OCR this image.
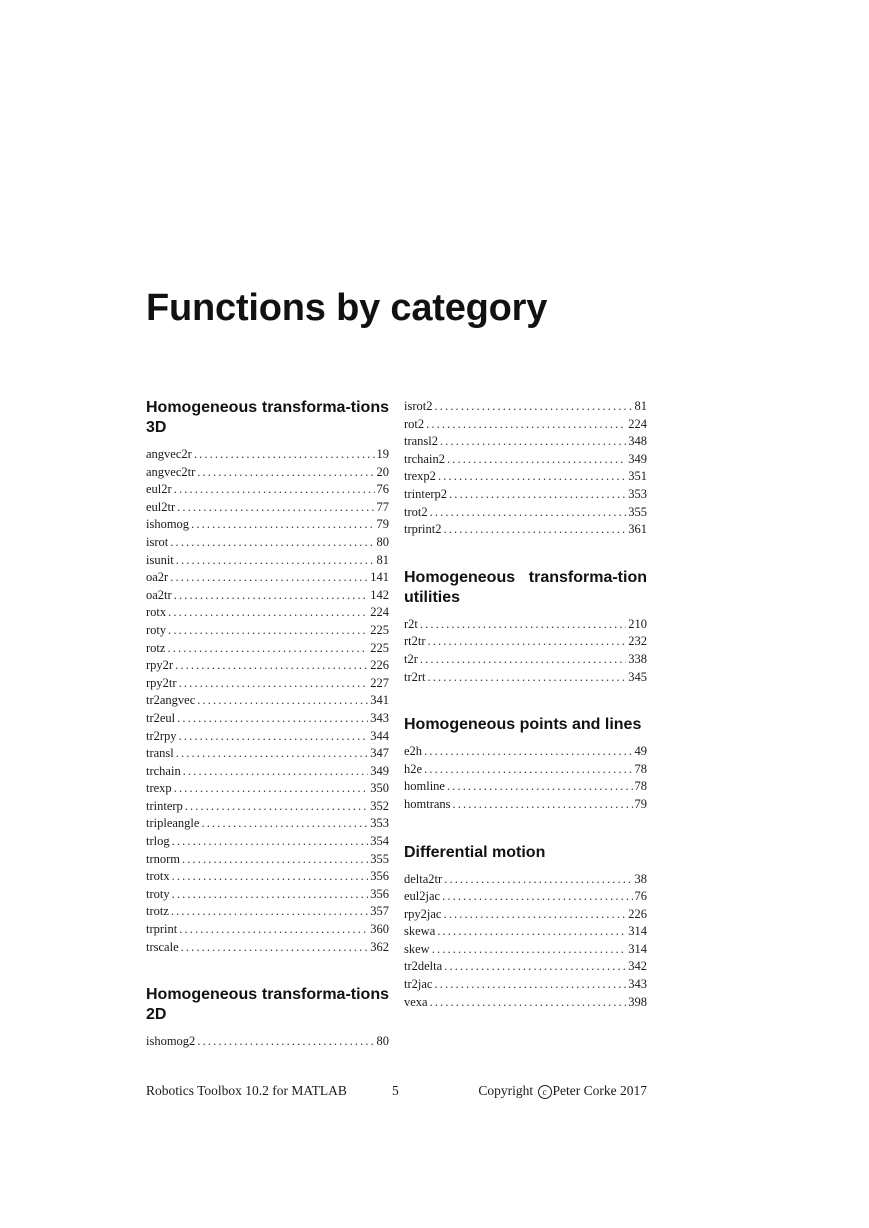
Functions by category
Homogeneous transforma-tions 3D
angvec2r . . .	19
angvec2tr . . .	20
eul2r . . .	76
eul2tr . . .	77
ishomog . . .	79
isrot . . .	80
isunit . . .	81
oa2r . . .	141
oa2tr . . .	142
rotx . . .	224
roty . . .	225
rotz . . .	225
rpy2r . . .	226
rpy2tr . . .	227
tr2angvec . . .	341
tr2eul . . .	343
tr2rpy . . .	344
transl . . .	347
trchain . . .	349
trexp . . .	350
trinterp . . .	352
tripleangle . . .	353
trlog . . .	354
trnorm . . .	355
trotx . . .	356
troty . . .	356
trotz . . .	357
trprint . . .	360
trscale . . .	362
Homogeneous transforma-tions 2D
ishomog2 . . .	80
isrot2 . . .	81
rot2 . . .	224
transl2 . . .	348
trchain2 . . .	349
trexp2 . . .	351
trinterp2 . . .	353
trot2 . . .	355
trprint2 . . .	361
Homogeneous transforma-tion utilities
r2t . . .	210
rt2tr . . .	232
t2r . . .	338
tr2rt . . .	345
Homogeneous points and lines
e2h . . .	49
h2e . . .	78
homline . . .	78
homtrans . . .	79
Differential motion
delta2tr . . .	38
eul2jac . . .	76
rpy2jac . . .	226
skewa . . .	314
skew . . .	314
tr2delta . . .	342
tr2jac . . .	343
vexa . . .	398
Robotics Toolbox 10.2 for MATLAB	5	Copyright c Peter Corke 2017
